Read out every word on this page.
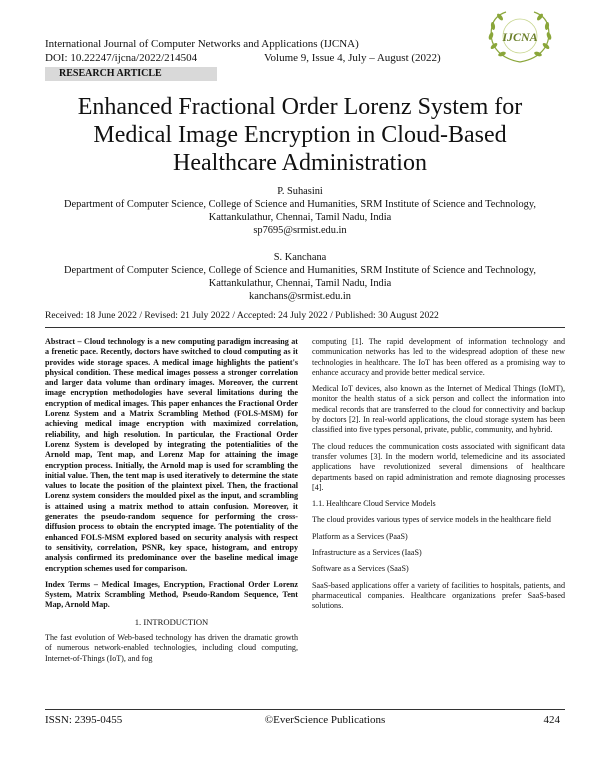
International Journal of Computer Networks and Applications (IJCNA)
DOI: 10.22247/ijcna/2022/214504	Volume 9, Issue 4, July – August (2022)
IJCNA
RESEARCH ARTICLE
Enhanced Fractional Order Lorenz System for
Medical Image Encryption in Cloud-Based
Healthcare Administration
P. Suhasini
Department of Computer Science, College of Science and Humanities, SRM Institute of Science and Technology,
Kattankulathur, Chennai, Tamil Nadu, India
sp7695@srmist.edu.in
S. Kanchana
Department of Computer Science, College of Science and Humanities, SRM Institute of Science and Technology,
Kattankulathur, Chennai, Tamil Nadu, India
kanchans@srmist.edu.in
Received: 18 June 2022 / Revised: 21 July 2022 / Accepted: 24 July 2022 / Published: 30 August 2022

Abstract – Cloud technology is a new computing paradigm increasing at a frenetic pace. Recently, doctors have switched to cloud computing as it provides wide storage spaces. A medical image highlights the patient's physical condition. These medical images possess a stronger correlation and larger data volume than ordinary images. Moreover, the current image encryption methodologies have several limitations during the encryption of medical images. This paper enhances the Fractional Order Lorenz System and a Matrix Scrambling Method (FOLS-MSM) for achieving medical image encryption with maximized correlation, reliability, and high resolution. In particular, the Fractional Order Lorenz System is developed by integrating the potentialities of the Arnold map, Tent map, and Lorenz Map for attaining the image encryption process. Initially, the Arnold map is used for scrambling the initial value. Then, the tent map is used iteratively to determine the state values to locate the position of the plaintext pixel. Then, the fractional Lorenz system considers the moulded pixel as the input, and scrambling is attained using a matrix method to attain confusion. Moreover, it generates the pseudo-random sequence for performing the cross-diffusion process to obtain the encrypted image. The potentiality of the enhanced FOLS-MSM explored based on security analysis with respect to sensitivity, correlation, PSNR, key space, histogram, and entropy analysis confirmed its predominance over the baseline medical image encryption schemes used for comparison.

Index Terms – Medical Images, Encryption, Fractional Order Lorenz System, Matrix Scrambling Method, Pseudo-Random Sequence, Tent Map, Arnold Map.

1. INTRODUCTION

The fast evolution of Web-based technology has driven the dramatic growth of numerous network-enabled technologies, including cloud computing, Internet-of-Things (IoT), and fog

computing [1]. The rapid development of information technology and communication networks has led to the widespread adoption of these new technologies in healthcare. The IoT has been offered as a promising way to enhance accuracy and provide better medical service.

Medical IoT devices, also known as the Internet of Medical Things (IoMT), monitor the health status of a sick person and collect the information into medical records that are transferred to the cloud for connectivity and backup by doctors [2]. In real-world applications, the cloud storage system has been classified into five types personal, private, public, community, and hybrid.

The cloud reduces the communication costs associated with significant data transfer volumes [3]. In the modern world, telemedicine and its associated applications have revolutionized several dimensions of healthcare departments based on rapid administration and remote diagnosing processes [4].

1.1. Healthcare Cloud Service Models

The cloud provides various types of service models in the healthcare field

Platform as a Services (PaaS)

Infrastructure as a Services (IaaS)

Software as a Services (SaaS)

SaaS-based applications offer a variety of facilities to hospitals, patients, and pharmaceutical companies. Healthcare organizations prefer SaaS-based solutions.

ISSN: 2395-0455	©EverScience Publications	424
